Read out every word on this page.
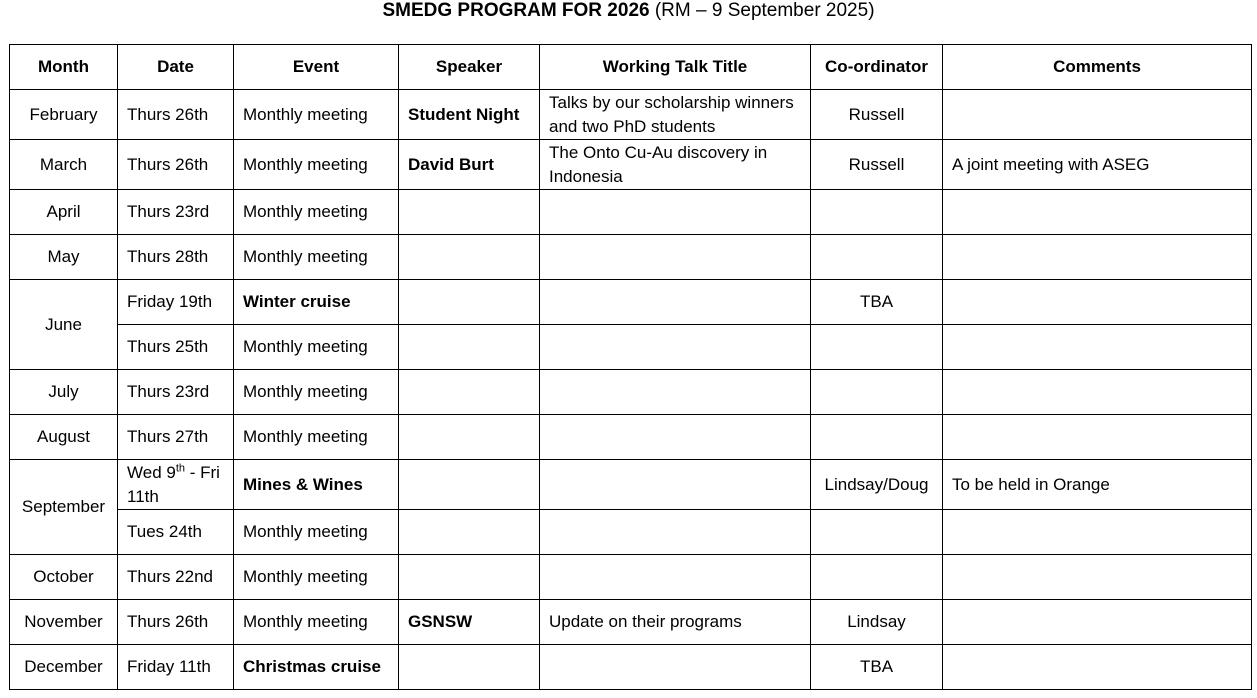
SMEDG PROGRAM FOR 2026 (RM – 9 September 2025)
Month	Date	Event	Speaker	Working Talk Title	Co-ordinator	Comments
February	Thurs 26th	Monthly meeting	Student Night	Talks by our scholarship winners and two PhD students	Russell	
March	Thurs 26th	Monthly meeting	David Burt	The Onto Cu-Au discovery in Indonesia	Russell	A joint meeting with ASEG
April	Thurs 23rd	Monthly meeting				
May	Thurs 28th	Monthly meeting				
June	Friday 19th	Winter cruise			TBA	
	Thurs 25th	Monthly meeting				
July	Thurs 23rd	Monthly meeting				
August	Thurs 27th	Monthly meeting				
September	Wed 9th - Fri 11th	Mines & Wines			Lindsay/Doug	To be held in Orange
	Tues 24th	Monthly meeting				
October	Thurs 22nd	Monthly meeting				
November	Thurs 26th	Monthly meeting	GSNSW	Update on their programs	Lindsay	
December	Friday 11th	Christmas cruise			TBA	
